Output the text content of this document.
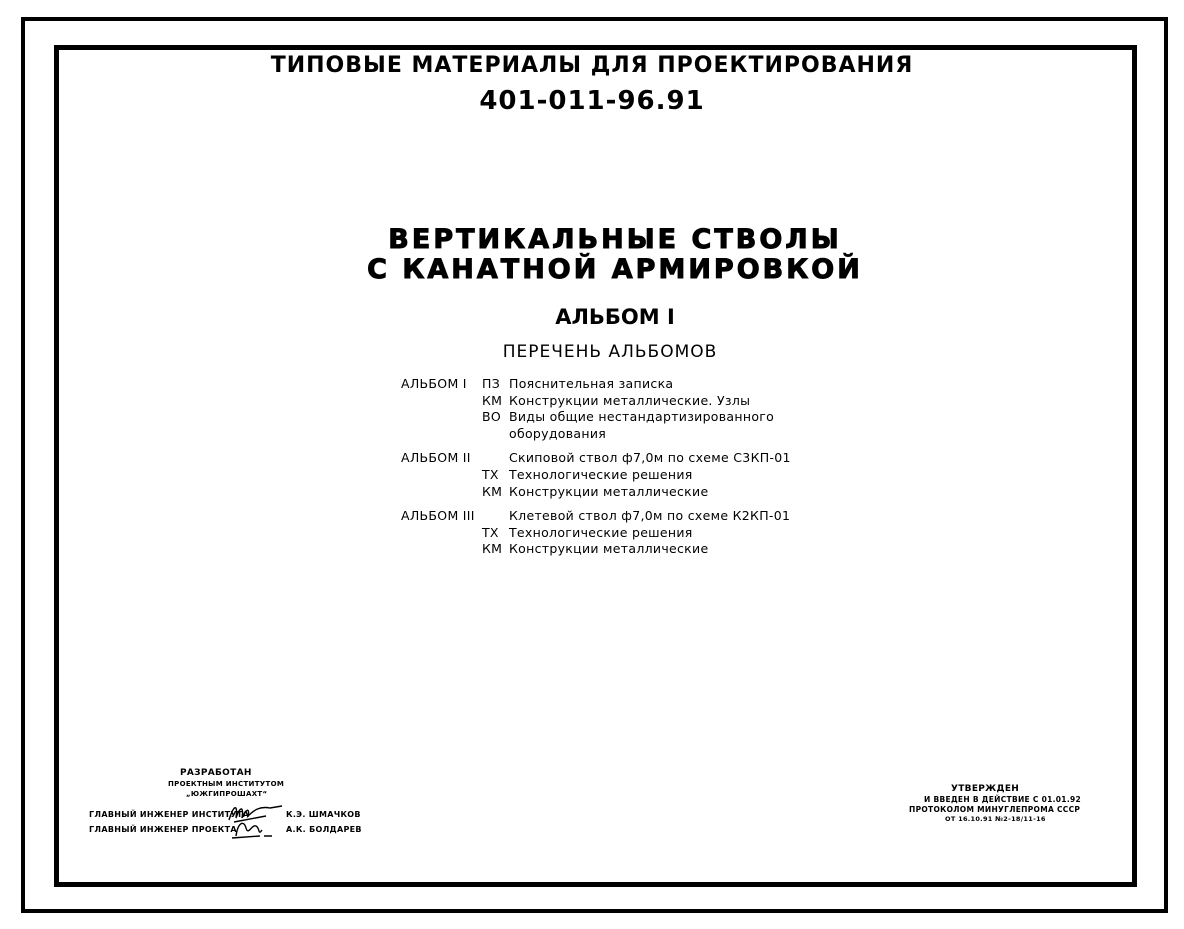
ТИПОВЫЕ МАТЕРИАЛЫ ДЛЯ ПРОЕКТИРОВАНИЯ
401-011-96.91
ВЕРТИКАЛЬНЫЕ СТВОЛЫ
С КАНАТНОЙ АРМИРОВКОЙ
АЛЬБОМ I
ПЕРЕЧЕНЬ АЛЬБОМОВ
АЛЬБОМ I ПЗ Пояснительная записка
КМ Конструкции металлические. Узлы
ВО Виды общие нестандартизированного
оборудования
АЛЬБОМ II	Скиповой ствол ф7,0м по схеме С3КП-01
ТХ Технологические решения
КМ Конструкции металлические
АЛЬБОМ III	Клетевой ствол ф7,0м по схеме К2КП-01
ТХ Технологические решения
КМ Конструкции металлические
РАЗРАБОТАН
ПРОЕКТНЫМ ИНСТИТУТОМ
„ЮЖГИПРОШАХТ“
ГЛАВНЫЙ ИНЖЕНЕР ИНСТИТУТА	К.Э. ШМАЧКОВ
ГЛАВНЫЙ ИНЖЕНЕР ПРОЕКТА	А.К. БОЛДАРЕВ
УТВЕРЖДЕН
И ВВЕДЕН В ДЕЙСТВИЕ С 01.01.92
ПРОТОКОЛОМ МИНУГЛЕПРОМА СССР
ОТ 16.10.91 №2-18/11-16
